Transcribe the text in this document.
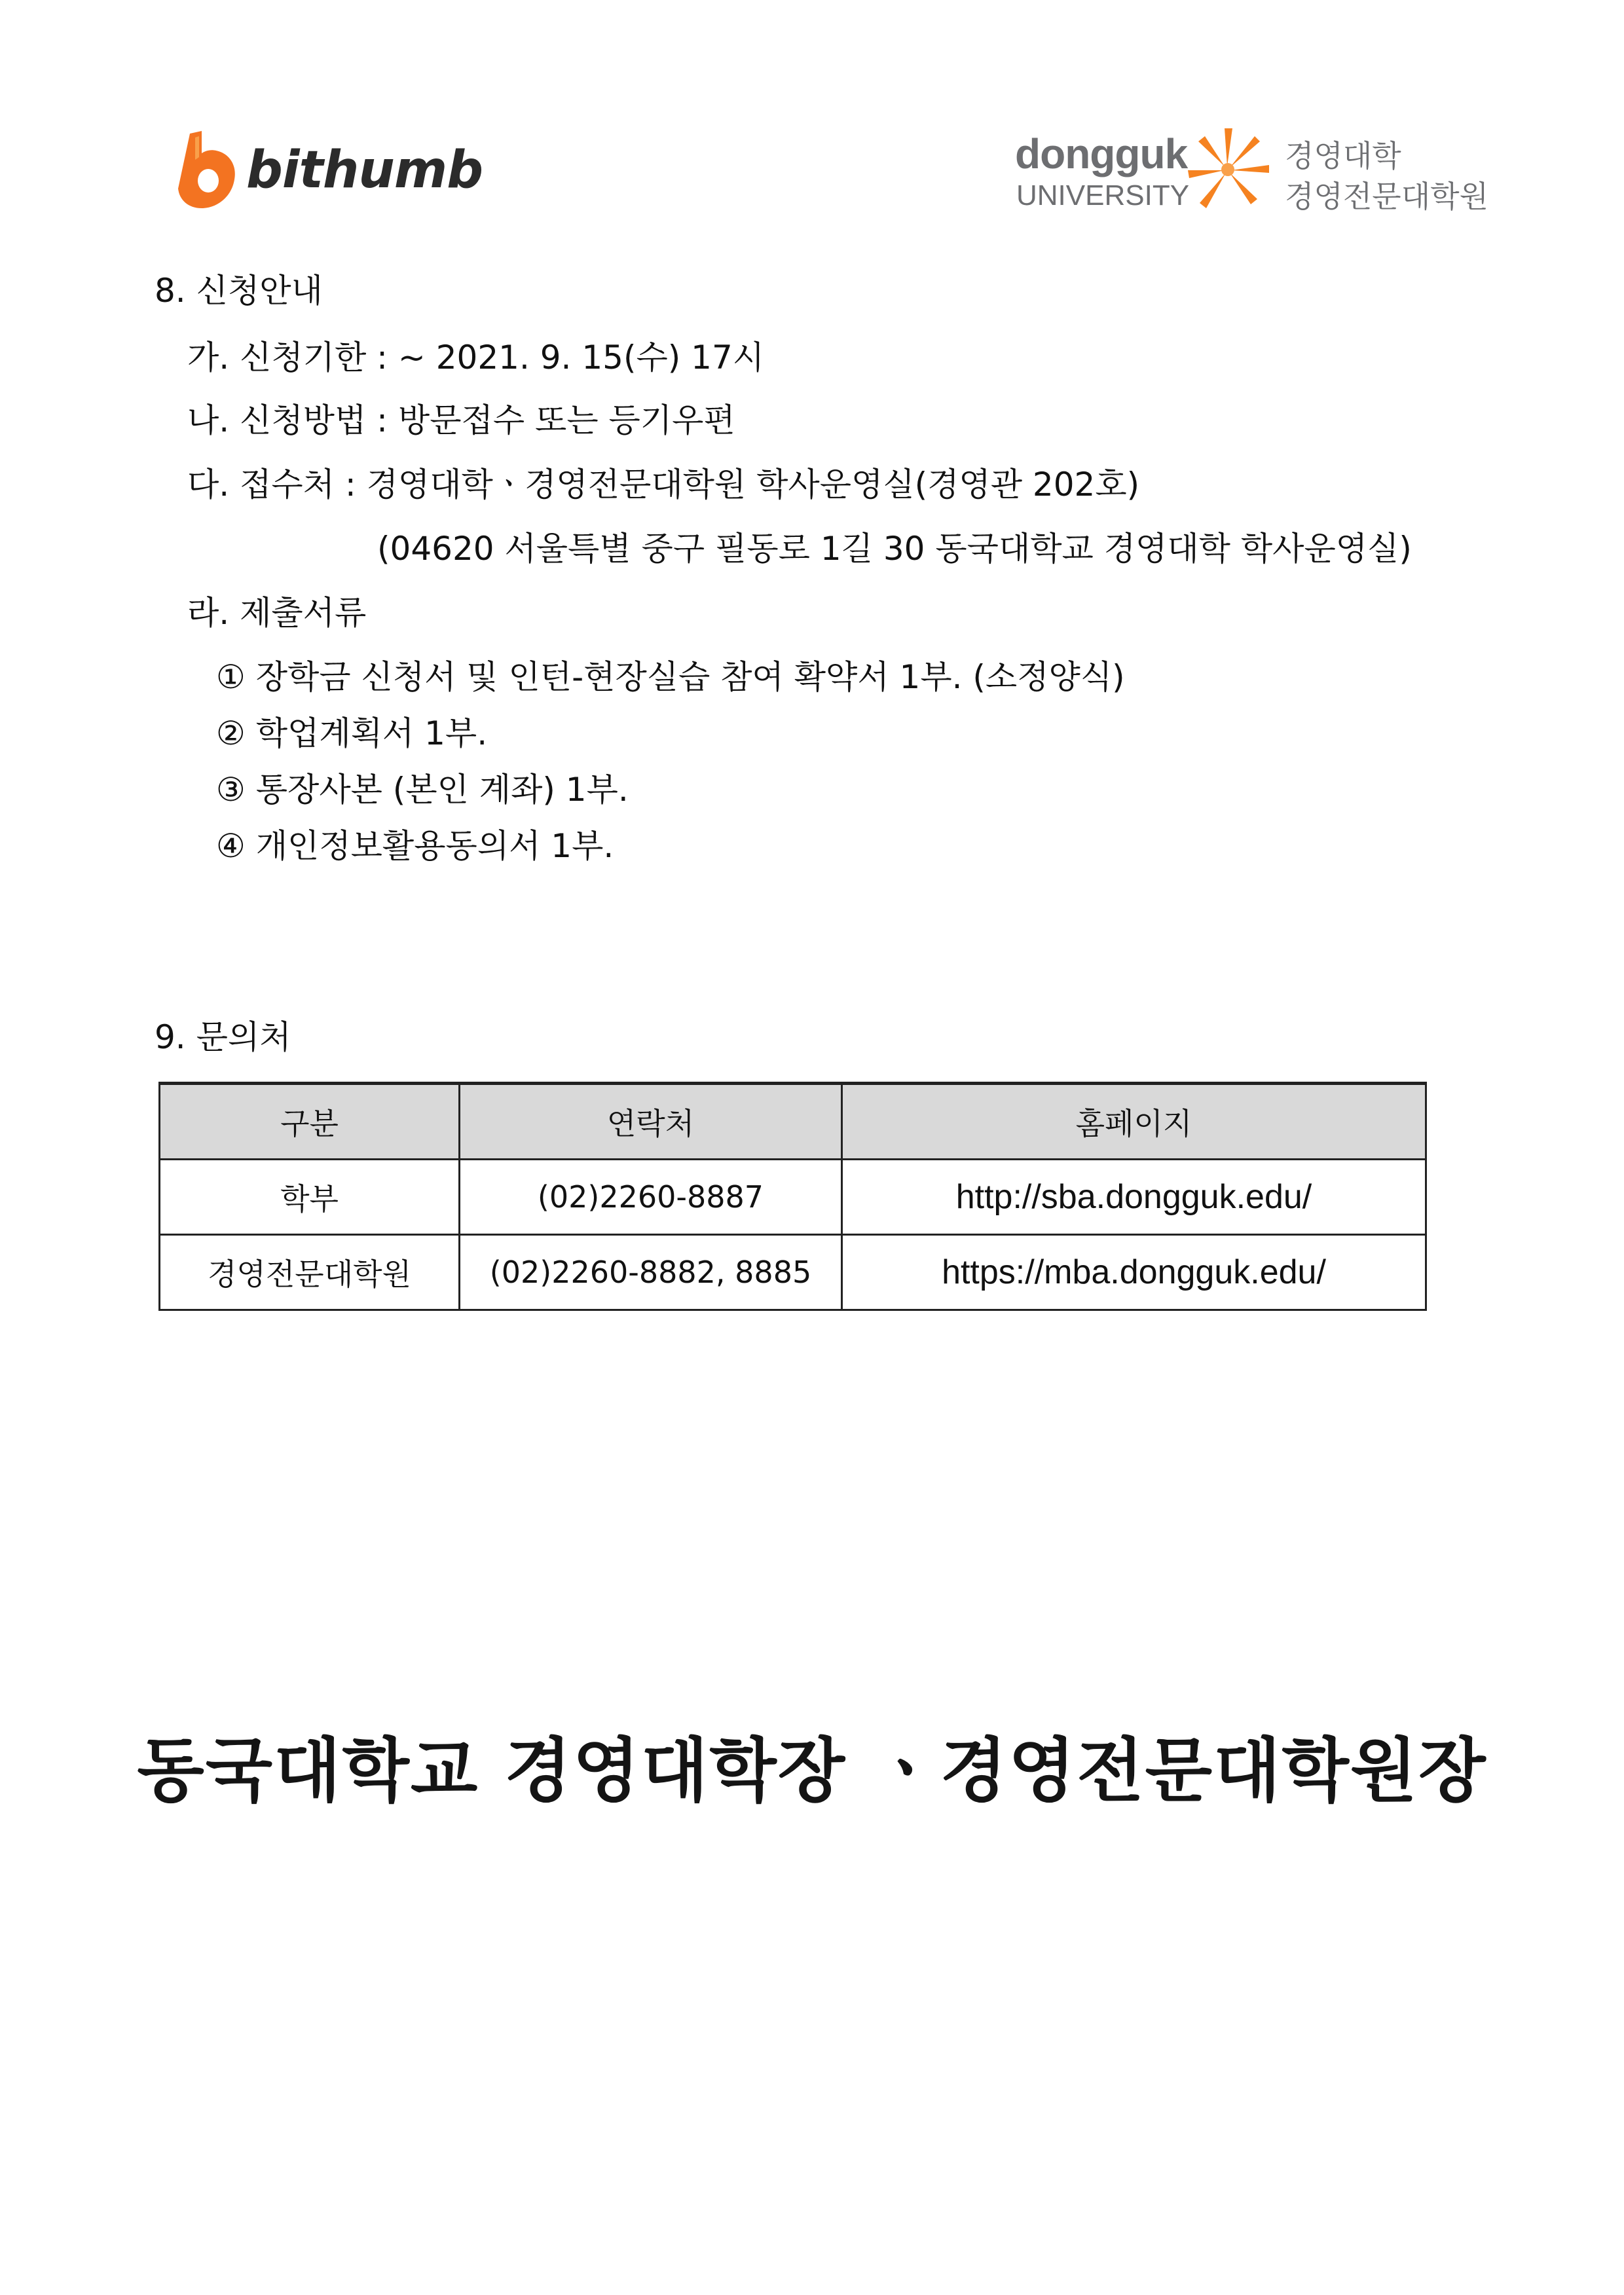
bithumb	dongguk
UNIVERSITY
경영대학
경영전문대학원
8. 신청안내
가. 신청기한 : ~ 2021. 9. 15(수) 17시
나. 신청방법 : 방문접수 또는 등기우편
다. 접수처 : 경영대학ㆍ경영전문대학원 학사운영실(경영관 202호)
(04620 서울특별 중구 필동로 1길 30 동국대학교 경영대학 학사운영실)
라. 제출서류
① 장학금 신청서 및 인턴-현장실습 참여 확약서 1부. (소정양식)
② 학업계획서 1부.
③ 통장사본 (본인 계좌) 1부.
④ 개인정보활용동의서 1부.
9. 문의처
구분	연락처	홈페이지
학부	(02)2260-8887	http://sba.dongguk.edu/
경영전문대학원	(02)2260-8882, 8885	https://mba.dongguk.edu/
동국대학교 경영대학장 ㆍ경영전문대학원장
